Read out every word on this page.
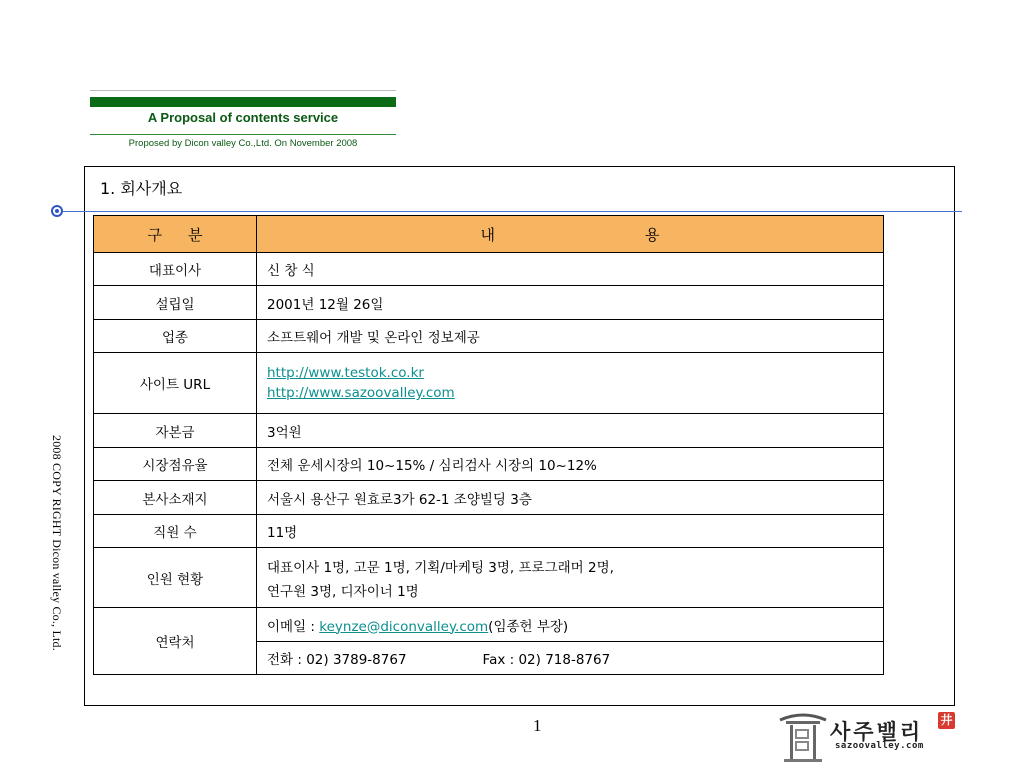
A Proposal of contents service
Proposed by Dicon valley Co.,Ltd. On November 2008
1. 회사개요
2008 COPY RIGHT Dicon valley Co., Ltd.
구분	내용
대표이사	신 창 식
설립일	2001년 12월 26일
업종	소프트웨어 개발 및 온라인 정보제공
사이트 URL	http://www.testok.co.kr
http://www.sazoovalley.com

자본금	3억원
시장점유율	전체 운세시장의 10~15% / 심리검사 시장의 10~12%
본사소재지	서울시 용산구 원효로3가 62-1 조양빌딩 3층
직원 수	11명
인원 현황	대표이사 1명, 고문 1명, 기획/마케팅 3명, 프로그래머 2명,
연구원 3명, 디자이너 1명

연락처	이메일 : keynze@diconvalley.com(임종헌 부장)
	전화 : 02) 3789-8767 Fax : 02) 718-8767
1	사주밸리
sazoovalley.com
井
